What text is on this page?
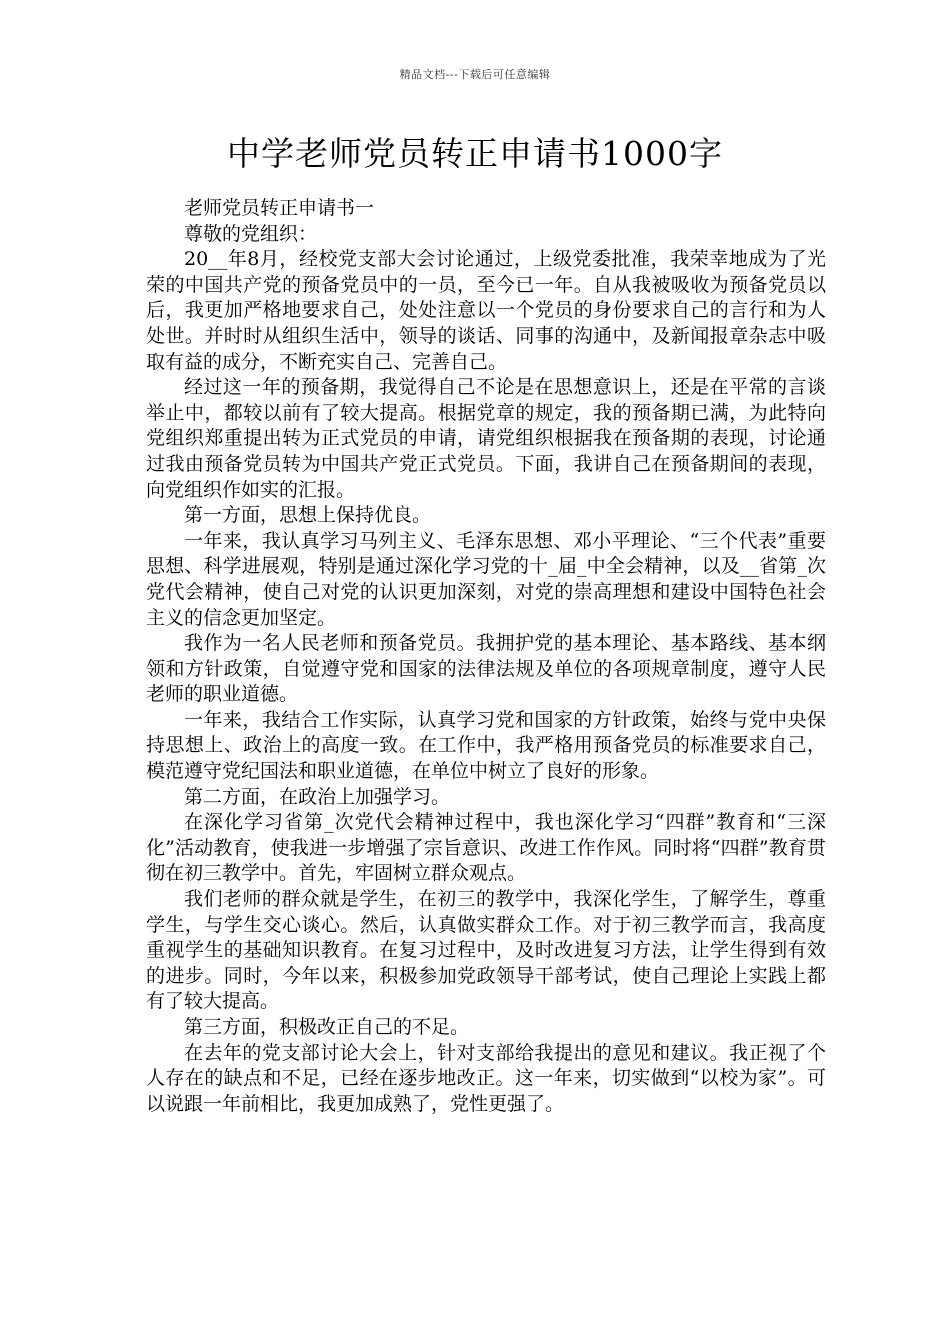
精品文档---下载后可任意编辑
中学老师党员转正申请书1000字

老师党员转正申请书一

尊敬的党组织：

20__年8月，经校党支部大会讨论通过，上级党委批准，我荣幸地成为了光荣的中国共产党的预备党员中的一员，至今已一年。自从我被吸收为预备党员以后，我更加严格地要求自己，处处注意以一个党员的身份要求自己的言行和为人处世。并时时从组织生活中，领导的谈话、同事的沟通中，及新闻报章杂志中吸取有益的成分，不断充实自己、完善自己。

经过这一年的预备期，我觉得自己不论是在思想意识上，还是在平常的言谈举止中，都较以前有了较大提高。根据党章的规定，我的预备期已满，为此特向党组织郑重提出转为正式党员的申请，请党组织根据我在预备期的表现，讨论通过我由预备党员转为中国共产党正式党员。下面，我讲自己在预备期间的表现，向党组织作如实的汇报。

第一方面，思想上保持优良。

一年来，我认真学习马列主义、毛泽东思想、邓小平理论、“三个代表”重要思想、科学进展观，特别是通过深化学习党的十_届_中全会精神，以及__省第_次党代会精神，使自己对党的认识更加深刻，对党的崇高理想和建设中国特色社会主义的信念更加坚定。

我作为一名人民老师和预备党员。我拥护党的基本理论、基本路线、基本纲领和方针政策，自觉遵守党和国家的法律法规及单位的各项规章制度，遵守人民老师的职业道德。

一年来，我结合工作实际，认真学习党和国家的方针政策，始终与党中央保持思想上、政治上的高度一致。在工作中，我严格用预备党员的标准要求自己，模范遵守党纪国法和职业道德，在单位中树立了良好的形象。

第二方面，在政治上加强学习。

在深化学习省第_次党代会精神过程中，我也深化学习“四群”教育和“三深化”活动教育，使我进一步增强了宗旨意识、改进工作作风。同时将“四群”教育贯彻在初三教学中。首先，牢固树立群众观点。

我们老师的群众就是学生，在初三的教学中，我深化学生，了解学生，尊重学生，与学生交心谈心。然后，认真做实群众工作。对于初三教学而言，我高度重视学生的基础知识教育。在复习过程中，及时改进复习方法，让学生得到有效的进步。同时，今年以来，积极参加党政领导干部考试，使自己理论上实践上都有了较大提高。

第三方面，积极改正自己的不足。

在去年的党支部讨论大会上，针对支部给我提出的意见和建议。我正视了个人存在的缺点和不足，已经在逐步地改正。这一年来，切实做到“以校为家”。可以说跟一年前相比，我更加成熟了，党性更强了。
